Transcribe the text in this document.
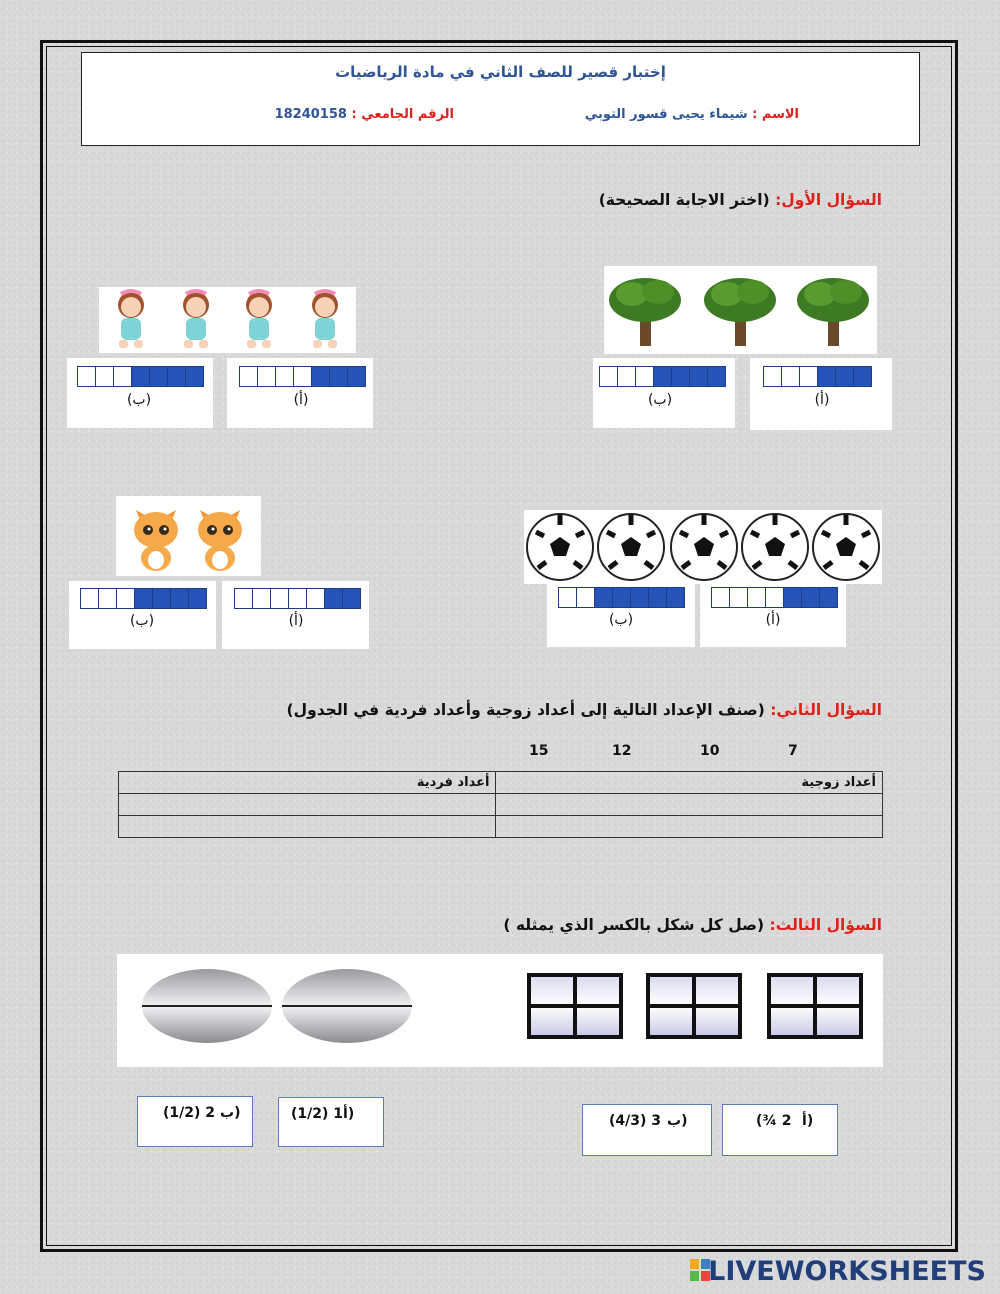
إختبار قصير للصف الثاني في مادة الرياضيات
الاسم : شيماء يحيى قسور التوبي
الرقم الجامعي : 18240158
السؤال الأول: (اختر الاجابة الصحيحة)
(أ)
(ب)
(أ)
(ب)
(أ)
(ب)
(أ)
(ب)
السؤال الثاني: (صنف الإعداد التالية إلى أعداد زوجية وأعداد فردية في الجدول)
7
10
12
15
أعداد زوجية	أعداد فردية

السؤال الثالث: (صل كل شكل بالكسر الذي يمثله )
(¾ 2 أ)
(4/3) 3 ب)
(1/2) 1 أ)
(1/2) 2 ب)
LIVEWORKSHEETS
